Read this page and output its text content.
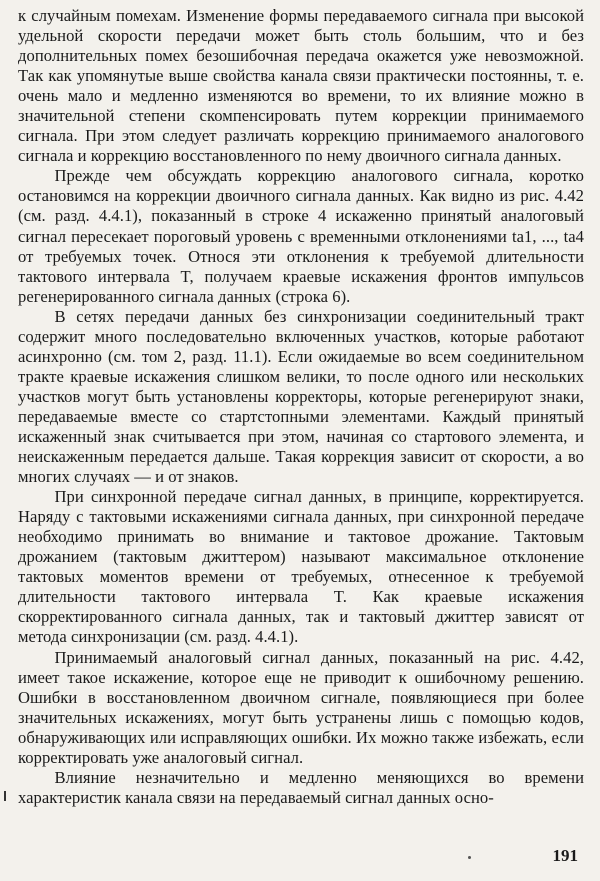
к случайным помехам. Изменение формы передаваемого сигнала при высокой удельной скорости передачи может быть столь большим, что и без дополнительных помех безошибочная передача окажется уже невозможной. Так как упомянутые выше свойства канала связи практически постоянны, т. е. очень мало и медленно изменяются во времени, то их влияние можно в значительной степени скомпенсировать путем коррекции принимаемого сигнала. При этом следует различать коррекцию принимаемого аналогового сигнала и коррекцию восстановленного по нему двоичного сигнала данных.

Прежде чем обсуждать коррекцию аналогового сигнала, коротко остановимся на коррекции двоичного сигнала данных. Как видно из рис. 4.42 (см. разд. 4.4.1), показанный в строке 4 искаженно принятый аналоговый сигнал пересекает пороговый уровень с временными отклонениями tа1, ..., tа4 от требуемых точек. Относя эти отклонения к требуемой длительности тактового интервала T, получаем краевые искажения фронтов импульсов регенерированного сигнала данных (строка 6).

В сетях передачи данных без синхронизации соединительный тракт содержит много последовательно включенных участков, которые работают асинхронно (см. том 2, разд. 11.1). Если ожидаемые во всем соединительном тракте краевые искажения слишком велики, то после одного или нескольких участков могут быть установлены корректоры, которые регенерируют знаки, передаваемые вместе со стартстопными элементами. Каждый принятый искаженный знак считывается при этом, начиная со стартового элемента, и неискаженным передается дальше. Такая коррекция зависит от скорости, а во многих случаях — и от знаков.

При синхронной передаче сигнал данных, в принципе, корректируется. Наряду с тактовыми искажениями сигнала данных, при синхронной передаче необходимо принимать во внимание и тактовое дрожание. Тактовым дрожанием (тактовым джиттером) называют максимальное отклонение тактовых моментов времени от требуемых, отнесенное к требуемой длительности тактового интервала T. Как краевые искажения скорректированного сигнала данных, так и тактовый джиттер зависят от метода синхронизации (см. разд. 4.4.1).

Принимаемый аналоговый сигнал данных, показанный на рис. 4.42, имеет такое искажение, которое еще не приводит к ошибочному решению. Ошибки в восстановленном двоичном сигнале, появляющиеся при более значительных искажениях, могут быть устранены лишь с помощью кодов, обнаруживающих или исправляющих ошибки. Их можно также избежать, если корректировать уже аналоговый сигнал.

Влияние незначительно и медленно меняющихся во времени характеристик канала связи на передаваемый сигнал данных осно-

191
